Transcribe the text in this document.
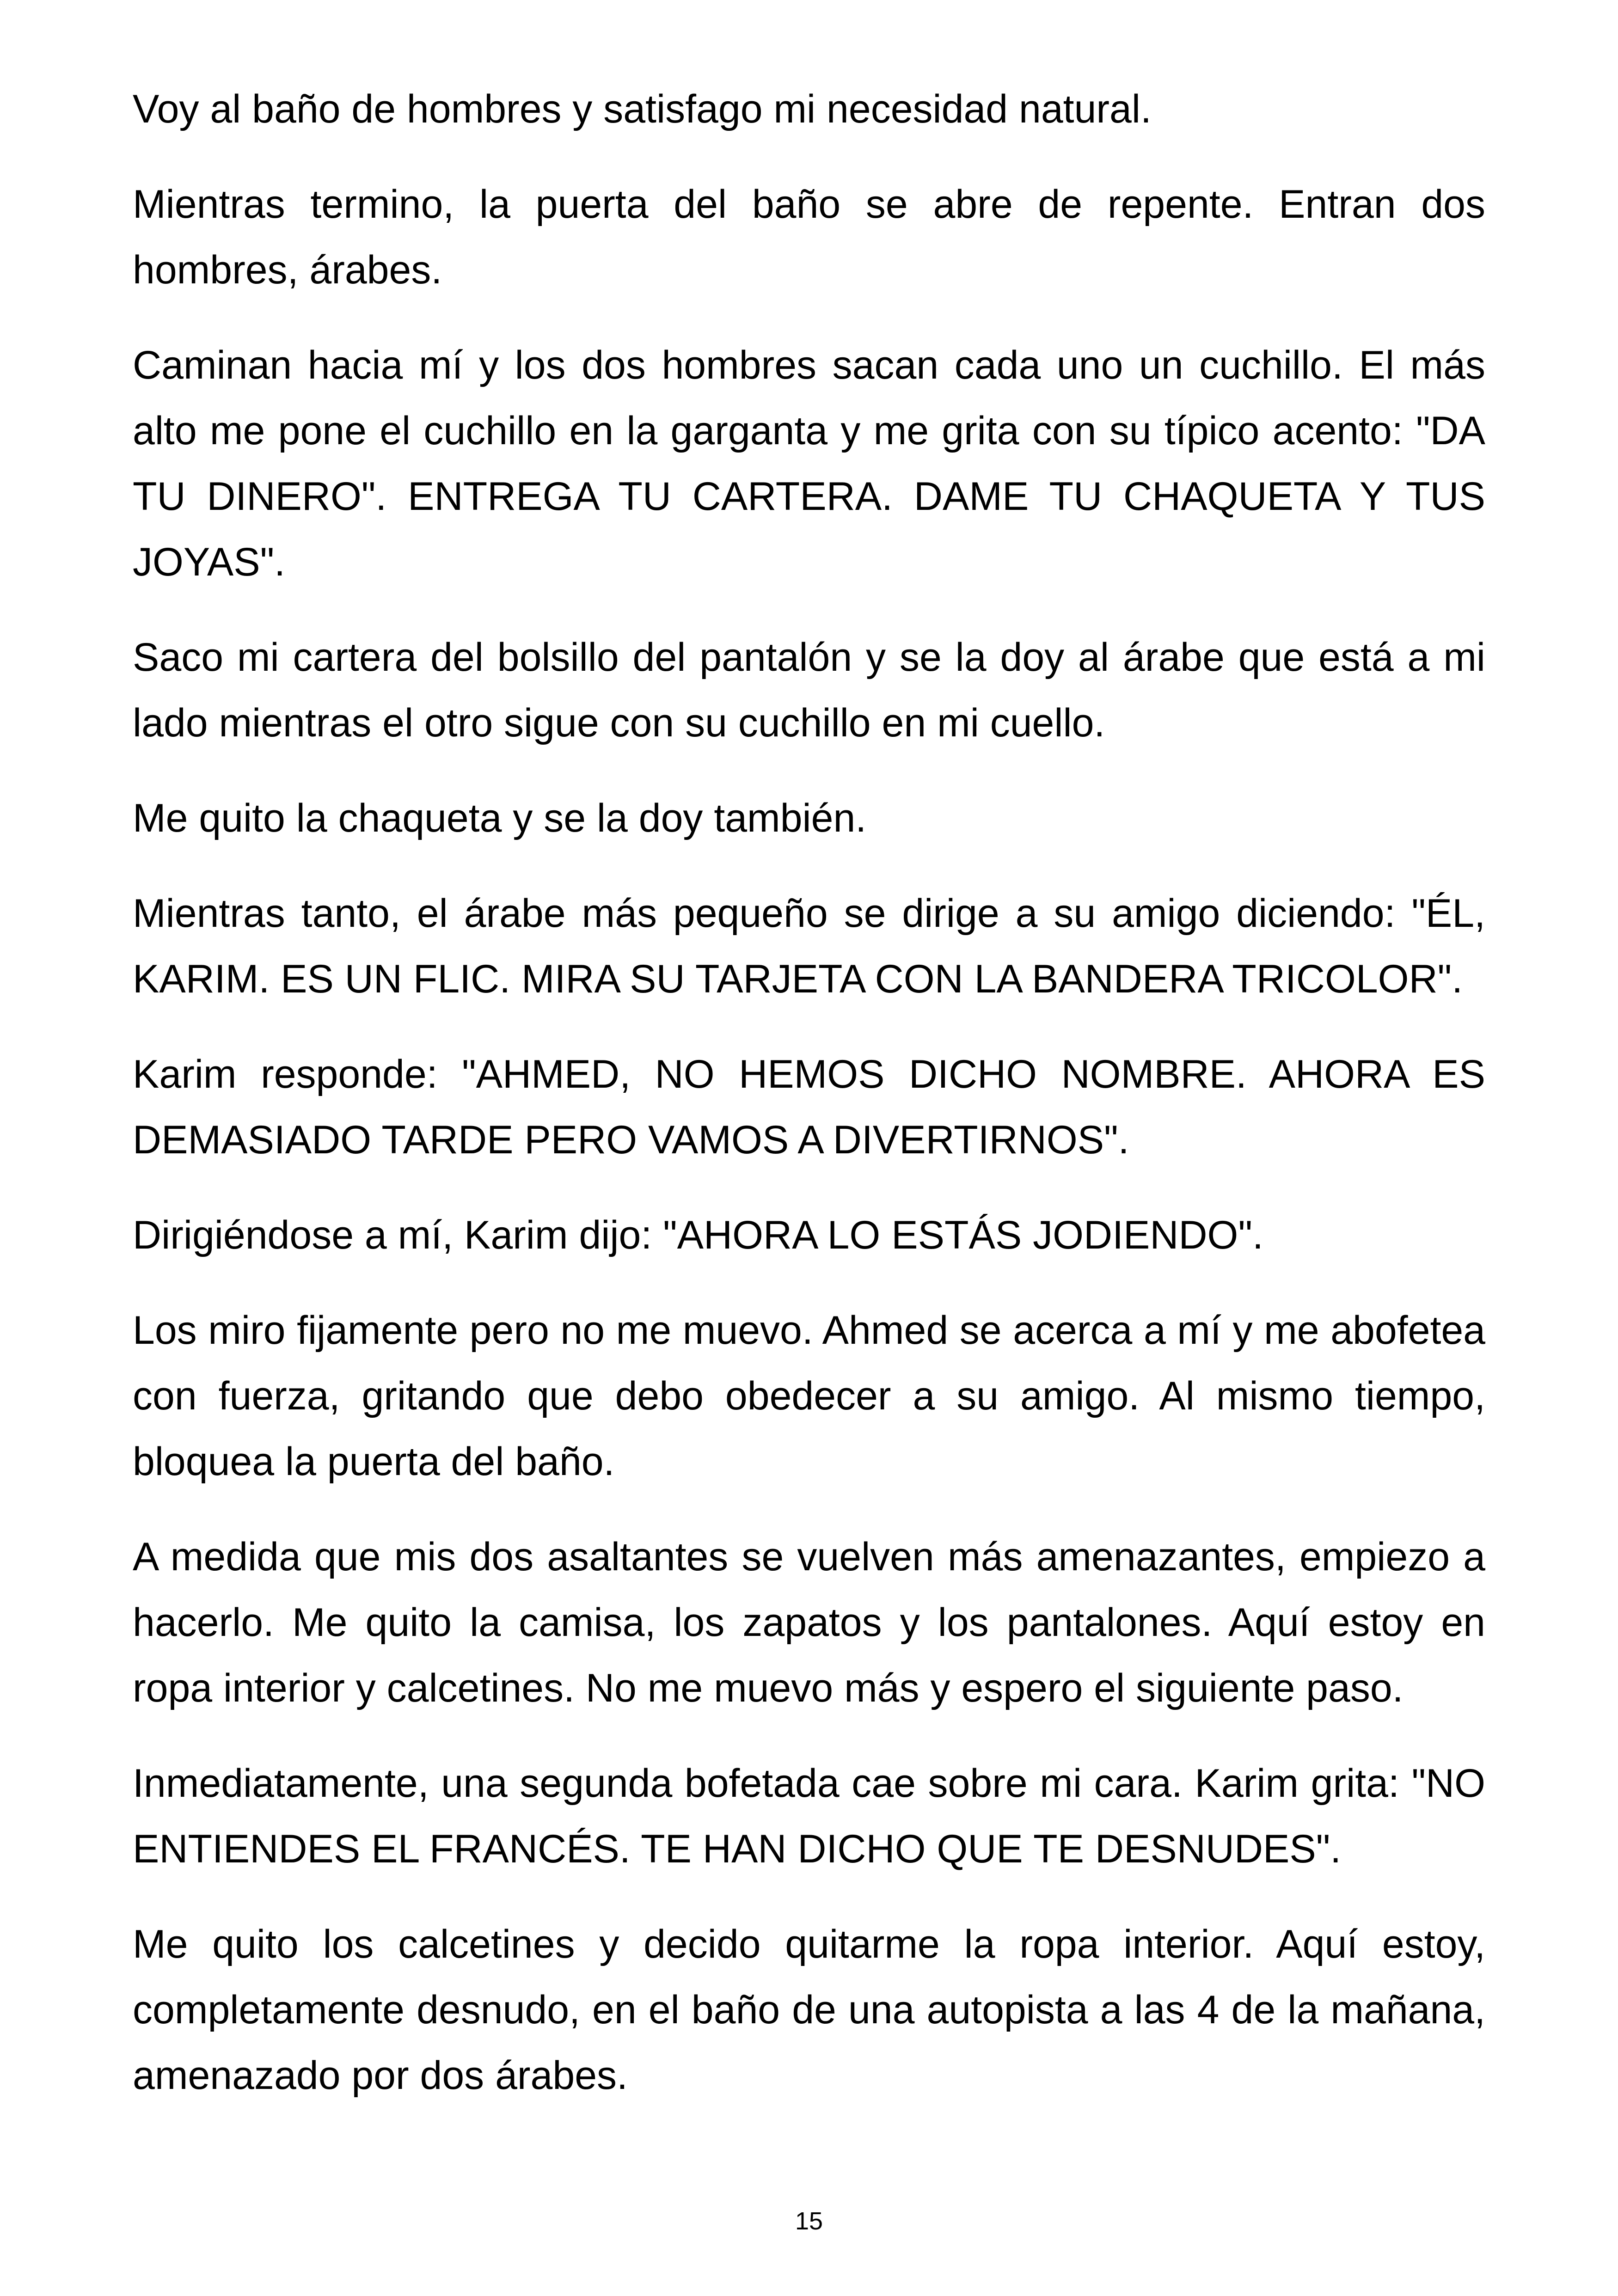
Voy al baño de hombres y satisfago mi necesidad natural.

Mientras termino, la puerta del baño se abre de repente. Entran dos hombres, árabes.

Caminan hacia mí y los dos hombres sacan cada uno un cuchillo. El más alto me pone el cuchillo en la garganta y me grita con su típico acento: "DA TU DINERO". ENTREGA TU CARTERA. DAME TU CHAQUETA Y TUS JOYAS".

Saco mi cartera del bolsillo del pantalón y se la doy al árabe que está a mi lado mientras el otro sigue con su cuchillo en mi cuello.

Me quito la chaqueta y se la doy también.

Mientras tanto, el árabe más pequeño se dirige a su amigo diciendo: "ÉL, KARIM. ES UN FLIC. MIRA SU TARJETA CON LA BANDERA TRICOLOR".

Karim responde: "AHMED, NO HEMOS DICHO NOMBRE. AHORA ES DEMASIADO TARDE PERO VAMOS A DIVERTIRNOS".

Dirigiéndose a mí, Karim dijo: "AHORA LO ESTÁS JODIENDO".

Los miro fijamente pero no me muevo. Ahmed se acerca a mí y me abofetea con fuerza, gritando que debo obedecer a su amigo. Al mismo tiempo, bloquea la puerta del baño.

A medida que mis dos asaltantes se vuelven más amenazantes, empiezo a hacerlo. Me quito la camisa, los zapatos y los pantalones. Aquí estoy en ropa interior y calcetines. No me muevo más y espero el siguiente paso.

Inmediatamente, una segunda bofetada cae sobre mi cara. Karim grita: "NO ENTIENDES EL FRANCÉS. TE HAN DICHO QUE TE DESNUDES".

Me quito los calcetines y decido quitarme la ropa interior. Aquí estoy, completamente desnudo, en el baño de una autopista a las 4 de la mañana, amenazado por dos árabes.

15
